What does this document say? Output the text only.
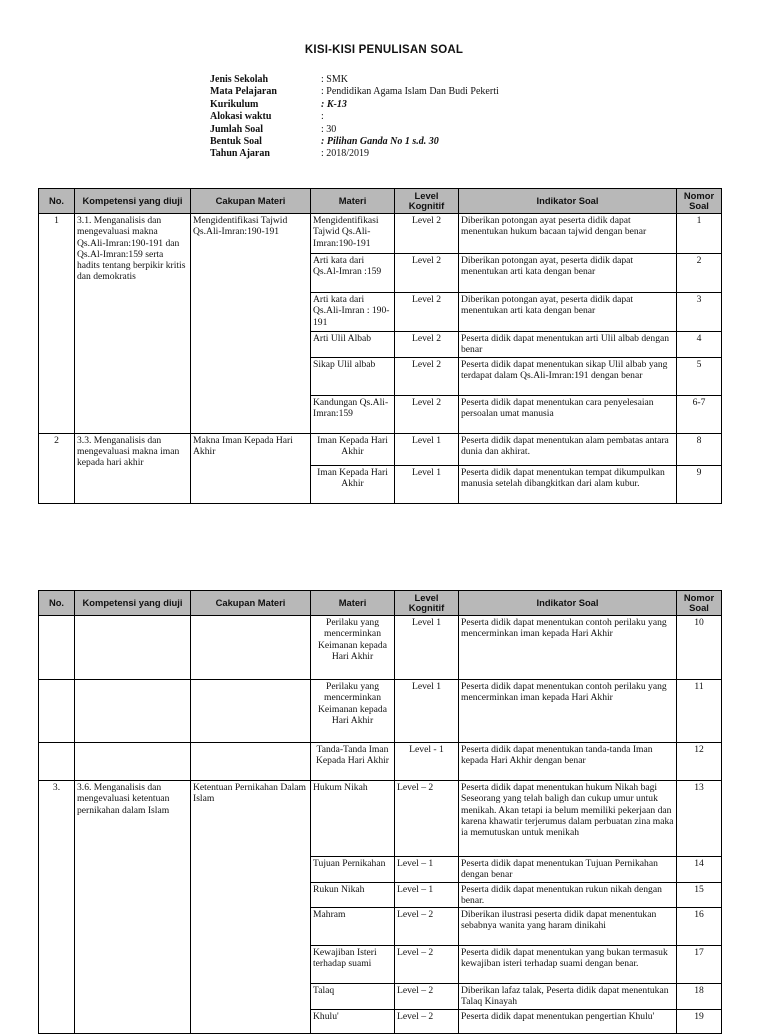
KISI-KISI PENULISAN SOAL
Jenis Sekolah	: SMK
Mata Pelajaran	: Pendidikan Agama Islam Dan Budi Pekerti
Kurikulum	: K-13
Alokasi waktu	:
Jumlah Soal	: 30
Bentuk Soal	: Pilihan Ganda No 1 s.d. 30
Tahun Ajaran	: 2018/2019
No.	Kompetensi yang diuji	Cakupan Materi	Materi	Level Kognitif	Indikator Soal	Nomor Soal
1	3.1. Menganalisis dan mengevaluasi makna Qs.Ali-Imran:190-191 dan Qs.Al-Imran:159 serta hadits tentang berpikir kritis dan demokratis	Mengidentifikasi Tajwid Qs.Ali-Imran:190-191	Mengidentifikasi Tajwid Qs.Ali-Imran:190-191	Level 2	Diberikan potongan ayat peserta didik dapat menentukan hukum bacaan tajwid dengan benar	1
			Arti kata dari Qs.Al-Imran :159	Level 2	Diberikan potongan ayat, peserta didik dapat menentukan arti kata dengan benar	2
			Arti kata dari Qs.Ali-Imran : 190-191	Level 2	Diberikan potongan ayat, peserta didik dapat menentukan arti kata dengan benar	3
			Arti Ulil Albab	Level 2	Peserta didik dapat menentukan arti Ulil albab dengan benar	4
			Sikap Ulil albab	Level 2	Peserta didik dapat menentukan sikap Ulil albab yang terdapat dalam Qs.Ali-Imran:191 dengan benar	5
			Kandungan Qs.Ali-Imran:159	Level 2	Peserta didik dapat menentukan cara penyelesaian persoalan umat manusia	6-7
2	3.3. Menganalisis dan mengevaluasi makna iman kepada hari akhir	Makna Iman Kepada Hari Akhir	Iman Kepada Hari Akhir	Level 1	Peserta didik dapat menentukan alam pembatas antara dunia dan akhirat.	8
			Iman Kepada Hari Akhir	Level 1	Peserta didik dapat menentukan tempat dikumpulkan manusia setelah dibangkitkan dari alam kubur.	9
No.	Kompetensi yang diuji	Cakupan Materi	Materi	Level Kognitif	Indikator Soal	Nomor Soal
			Perilaku yang mencerminkan Keimanan kepada Hari Akhir	Level 1	Peserta didik dapat menentukan contoh perilaku yang mencerminkan iman kepada Hari Akhir	10
			Perilaku yang mencerminkan Keimanan kepada Hari Akhir	Level 1	Peserta didik dapat menentukan contoh perilaku yang mencerminkan iman kepada Hari Akhir	11
			Tanda-Tanda Iman Kepada Hari Akhir	Level - 1	Peserta didik dapat menentukan tanda-tanda Iman kepada Hari Akhir dengan benar	12
3.	3.6. Menganalisis dan mengevaluasi ketentuan pernikahan dalam Islam	Ketentuan Pernikahan Dalam Islam	Hukum Nikah	Level – 2	Peserta didik dapat menentukan hukum Nikah bagi Seseorang yang telah baligh dan cukup umur untuk menikah. Akan tetapi ia belum memiliki pekerjaan dan karena khawatir terjerumus dalam perbuatan zina maka ia memutuskan untuk menikah	13
			Tujuan Pernikahan	Level – 1	Peserta didik dapat menentukan Tujuan Pernikahan dengan benar	14
			Rukun Nikah	Level – 1	Peserta didik dapat menentukan rukun nikah dengan benar.	15
			Mahram	Level – 2	Diberikan ilustrasi peserta didik dapat menentukan sebabnya wanita yang haram dinikahi	16
			Kewajiban Isteri terhadap suami	Level – 2	Peserta didik dapat menentukan yang bukan termasuk kewajiban isteri terhadap suami dengan benar.	17
			Talaq	Level – 2	Diberikan lafaz talak, Peserta didik dapat menentukan Talaq Kinayah	18
			Khulu'	Level – 2	Peserta didik dapat menentukan pengertian Khulu'	19
